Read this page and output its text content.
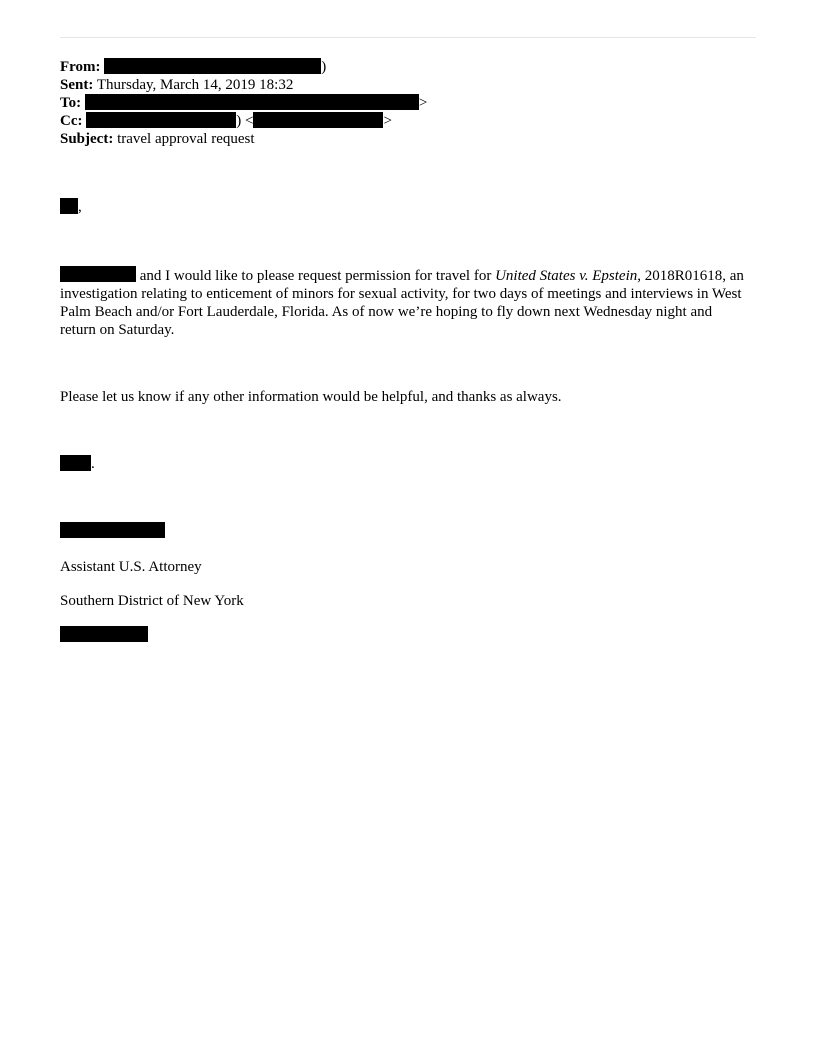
From:	)
Sent: Thursday, March 14, 2019 18:32
To:	>
Cc:	) <	>
Subject: travel approval request
,
and I would like to please request permission for travel for United States v. Epstein, 2018R01618, an investigation relating to enticement of minors for sexual activity, for two days of meetings and interviews in West Palm Beach and/or Fort Lauderdale, Florida. As of now we’re hoping to fly down next Wednesday night and return on Saturday.
Please let us know if any other information would be helpful, and thanks as always.
.
Assistant U.S. Attorney
Southern District of New York
